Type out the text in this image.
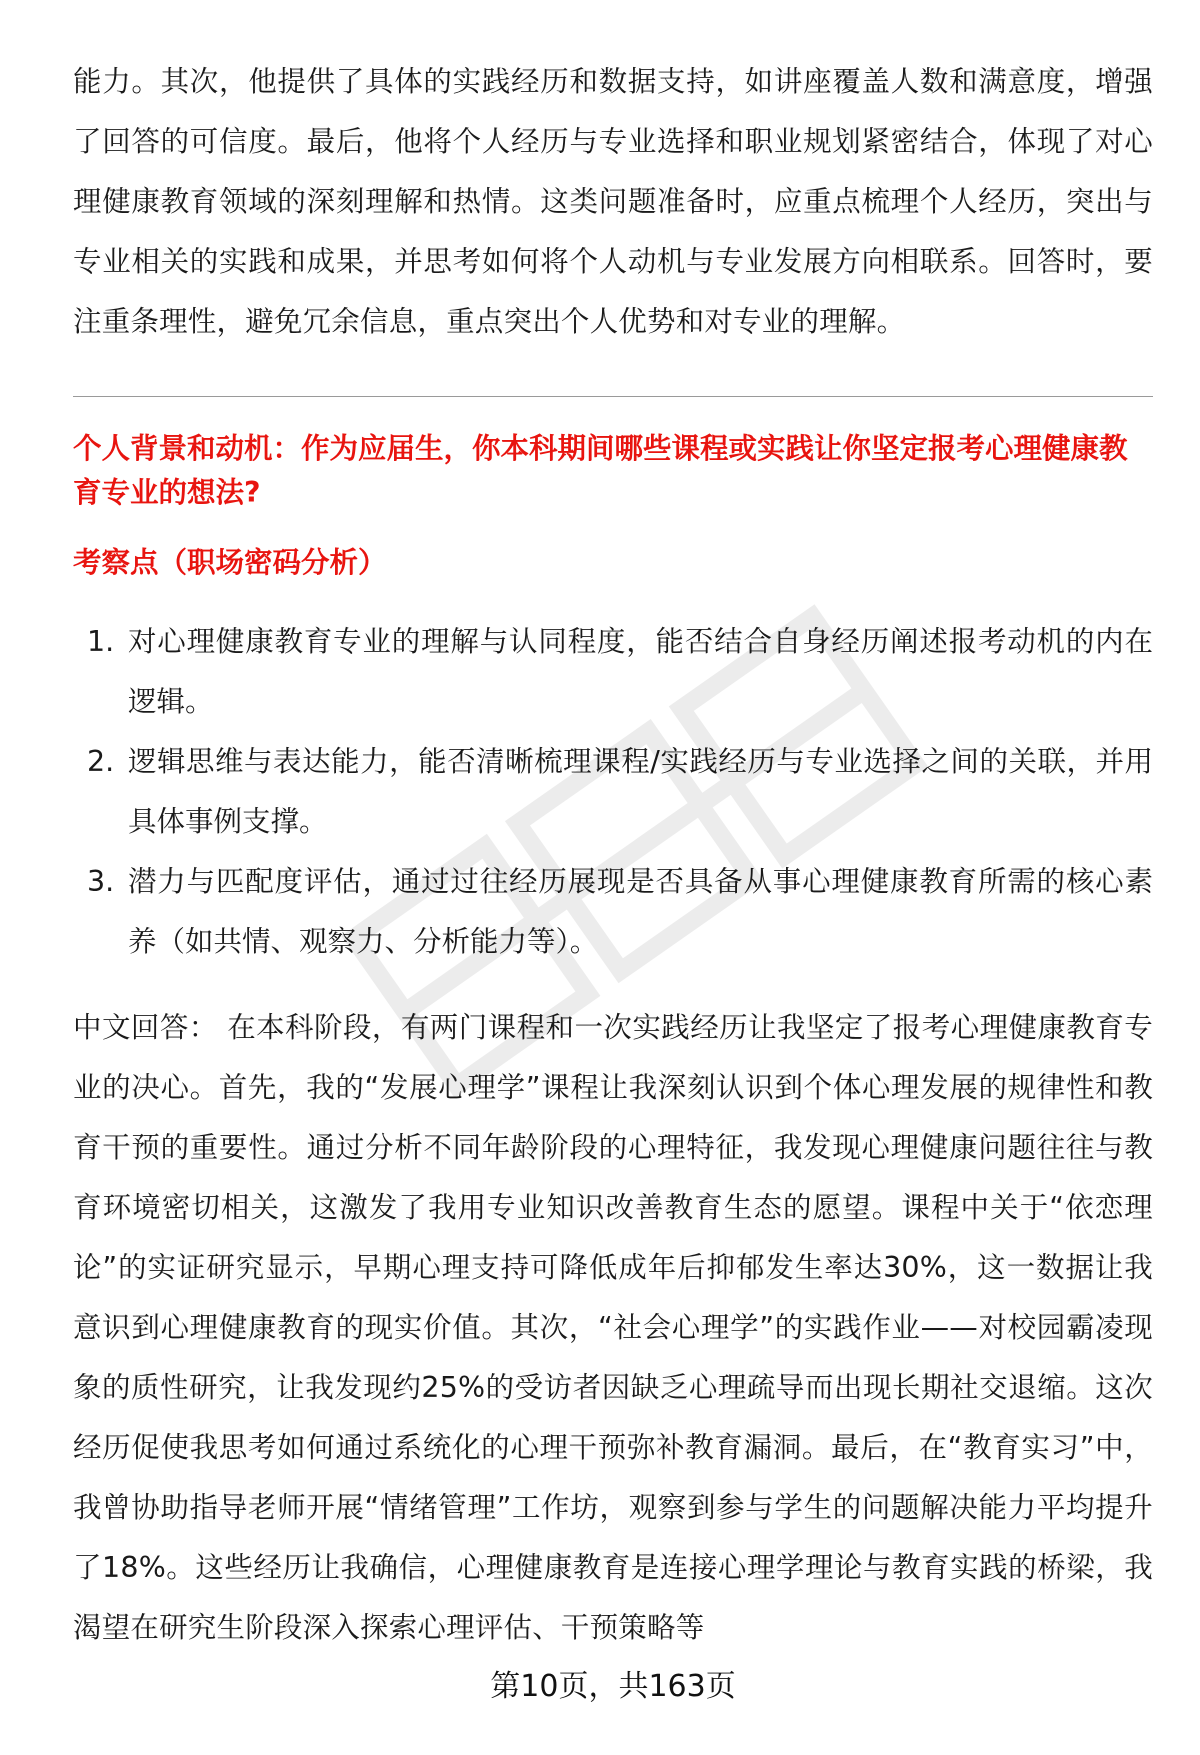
能力。其次，他提供了具体的实践经历和数据支持，如讲座覆盖人数和满意度，增强了回答的可信度。最后，他将个人经历与专业选择和职业规划紧密结合，体现了对心理健康教育领域的深刻理解和热情。这类问题准备时，应重点梳理个人经历，突出与专业相关的实践和成果，并思考如何将个人动机与专业发展方向相联系。回答时，要注重条理性，避免冗余信息，重点突出个人优势和对专业的理解。

个人背景和动机：作为应届生，你本科期间哪些课程或实践让你坚定报考心理健康教育专业的想法?

考察点（职场密码分析）

1. 对心理健康教育专业的理解与认同程度，能否结合自身经历阐述报考动机的内在逻辑。
2. 逻辑思维与表达能力，能否清晰梳理课程/实践经历与专业选择之间的关联，并用具体事例支撑。
3. 潜力与匹配度评估，通过过往经历展现是否具备从事心理健康教育所需的核心素养（如共情、观察力、分析能力等）。

中文回答： 在本科阶段，有两门课程和一次实践经历让我坚定了报考心理健康教育专业的决心。首先，我的“发展心理学”课程让我深刻认识到个体心理发展的规律性和教育干预的重要性。通过分析不同年龄阶段的心理特征，我发现心理健康问题往往与教育环境密切相关，这激发了我用专业知识改善教育生态的愿望。课程中关于“依恋理论”的实证研究显示，早期心理支持可降低成年后抑郁发生率达30%，这一数据让我意识到心理健康教育的现实价值。其次，“社会心理学”的实践作业——对校园霸凌现象的质性研究，让我发现约25%的受访者因缺乏心理疏导而出现长期社交退缩。这次经历促使我思考如何通过系统化的心理干预弥补教育漏洞。最后，在“教育实习”中，我曾协助指导老师开展“情绪管理”工作坊，观察到参与学生的问题解决能力平均提升了18%。这些经历让我确信，心理健康教育是连接心理学理论与教育实践的桥梁，我渴望在研究生阶段深入探索心理评估、干预策略等

第10页，共163页
